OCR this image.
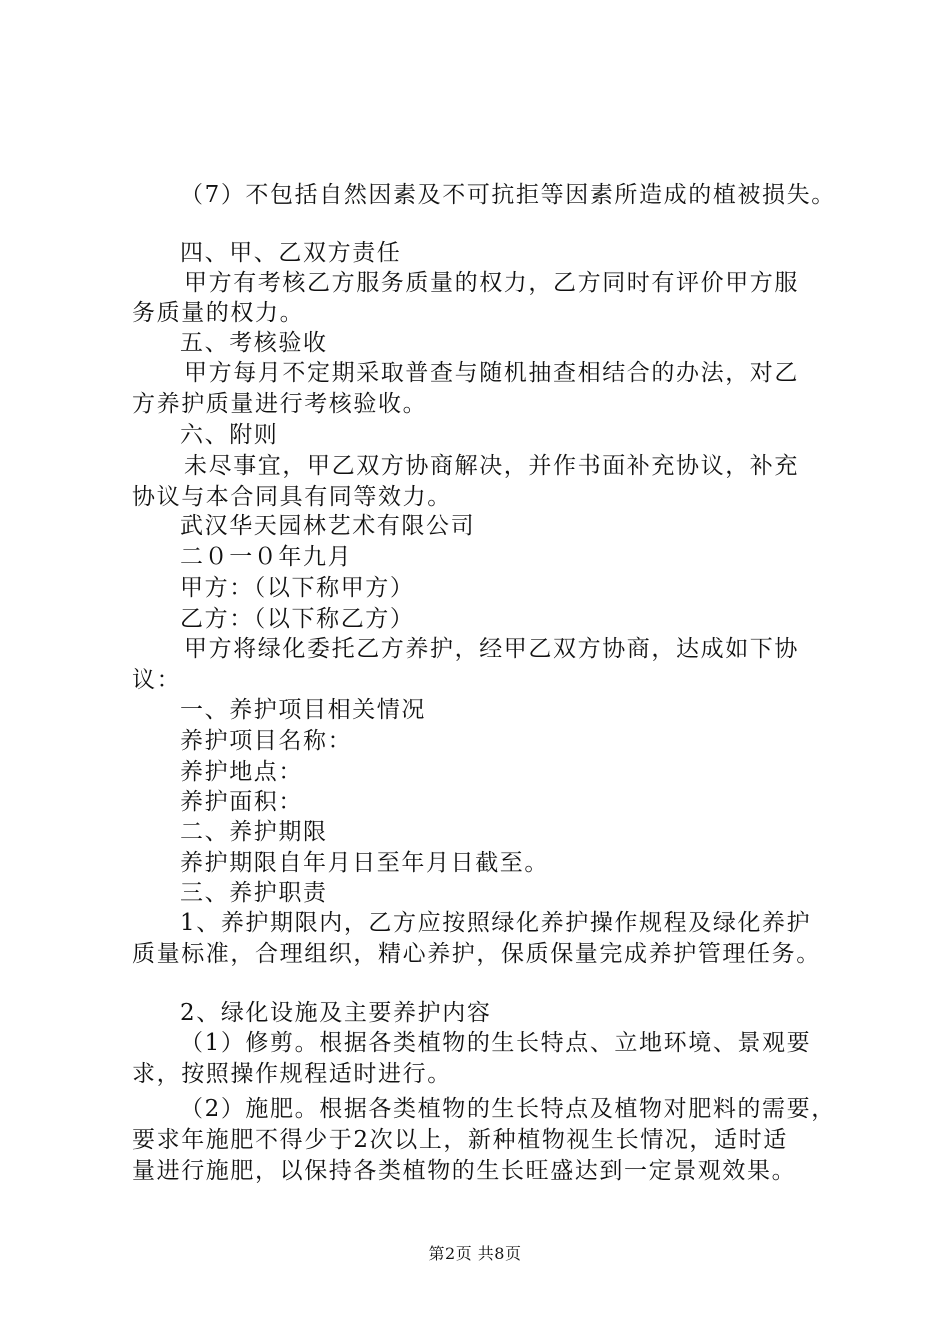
（7）不包括自然因素及不可抗拒等因素所造成的植被损失。
四、甲、乙双方责任
甲方有考核乙方服务质量的权力，乙方同时有评价甲方服
务质量的权力。
五、考核验收
甲方每月不定期采取普查与随机抽查相结合的办法，对乙
方养护质量进行考核验收。
六、附则
未尽事宜，甲乙双方协商解决，并作书面补充协议，补充
协议与本合同具有同等效力。
武汉华天园林艺术有限公司
二０一０年九月
甲方：（以下称甲方）
乙方：（以下称乙方）
甲方将绿化委托乙方养护，经甲乙双方协商，达成如下协
议：
一、养护项目相关情况
养护项目名称：
养护地点：
养护面积：
二、养护期限
养护期限自年月日至年月日截至。
三、养护职责
1、养护期限内，乙方应按照绿化养护操作规程及绿化养护
质量标准，合理组织，精心养护，保质保量完成养护管理任务。
2、绿化设施及主要养护内容
（1）修剪。根据各类植物的生长特点、立地环境、景观要
求，按照操作规程适时进行。
（2）施肥。根据各类植物的生长特点及植物对肥料的需要，
要求年施肥不得少于2次以上，新种植物视生长情况，适时适
量进行施肥，以保持各类植物的生长旺盛达到一定景观效果。
第2页 共8页
